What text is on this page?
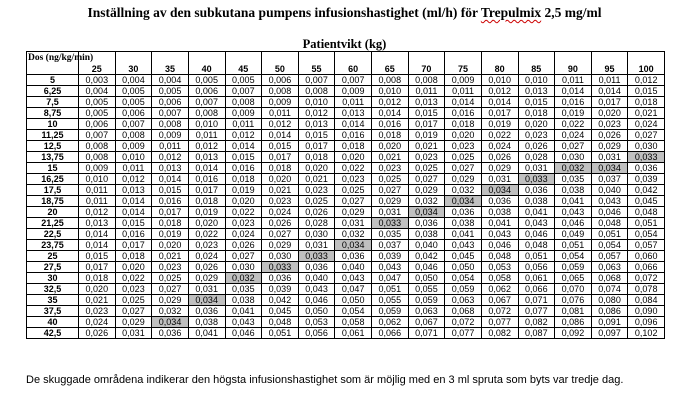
Inställning av den subkutana pumpens infusionshastighet (ml/h) för Trepulmix 2,5 mg/ml
Patientvikt (kg)
Dos (ng/kg/min)	25	30	35	40	45	50	55	60	65	70	75	80	85	90	95	100
5	0,003	0,004	0,004	0,005	0,005	0,006	0,007	0,007	0,008	0,008	0,009	0,010	0,010	0,011	0,011	0,012
6,25	0,004	0,005	0,005	0,006	0,007	0,008	0,008	0,009	0,010	0,011	0,011	0,012	0,013	0,014	0,014	0,015
7,5	0,005	0,005	0,006	0,007	0,008	0,009	0,010	0,011	0,012	0,013	0,014	0,014	0,015	0,016	0,017	0,018
8,75	0,005	0,006	0,007	0,008	0,009	0,011	0,012	0,013	0,014	0,015	0,016	0,017	0,018	0,019	0,020	0,021
10	0,006	0,007	0,008	0,010	0,011	0,012	0,013	0,014	0,016	0,017	0,018	0,019	0,020	0,022	0,023	0,024
11,25	0,007	0,008	0,009	0,011	0,012	0,014	0,015	0,016	0,018	0,019	0,020	0,022	0,023	0,024	0,026	0,027
12,5	0,008	0,009	0,011	0,012	0,014	0,015	0,017	0,018	0,020	0,021	0,023	0,024	0,026	0,027	0,029	0,030
13,75	0,008	0,010	0,012	0,013	0,015	0,017	0,018	0,020	0,021	0,023	0,025	0,026	0,028	0,030	0,031	0,033
15	0,009	0,011	0,013	0,014	0,016	0,018	0,020	0,022	0,023	0,025	0,027	0,029	0,031	0,032	0,034	0,036
16,25	0,010	0,012	0,014	0,016	0,018	0,020	0,021	0,023	0,025	0,027	0,029	0,031	0,033	0,035	0,037	0,039
17,5	0,011	0,013	0,015	0,017	0,019	0,021	0,023	0,025	0,027	0,029	0,032	0,034	0,036	0,038	0,040	0,042
18,75	0,011	0,014	0,016	0,018	0,020	0,023	0,025	0,027	0,029	0,032	0,034	0,036	0,038	0,041	0,043	0,045
20	0,012	0,014	0,017	0,019	0,022	0,024	0,026	0,029	0,031	0,034	0,036	0,038	0,041	0,043	0,046	0,048
21,25	0,013	0,015	0,018	0,020	0,023	0,026	0,028	0,031	0,033	0,036	0,038	0,041	0,043	0,046	0,048	0,051
22,5	0,014	0,016	0,019	0,022	0,024	0,027	0,030	0,032	0,035	0,038	0,041	0,043	0,046	0,049	0,051	0,054
23,75	0,014	0,017	0,020	0,023	0,026	0,029	0,031	0,034	0,037	0,040	0,043	0,046	0,048	0,051	0,054	0,057
25	0,015	0,018	0,021	0,024	0,027	0,030	0,033	0,036	0,039	0,042	0,045	0,048	0,051	0,054	0,057	0,060
27,5	0,017	0,020	0,023	0,026	0,030	0,033	0,036	0,040	0,043	0,046	0,050	0,053	0,056	0,059	0,063	0,066
30	0,018	0,022	0,025	0,029	0,032	0,036	0,040	0,043	0,047	0,050	0,054	0,058	0,061	0,065	0,068	0,072
32,5	0,020	0,023	0,027	0,031	0,035	0,039	0,043	0,047	0,051	0,055	0,059	0,062	0,066	0,070	0,074	0,078
35	0,021	0,025	0,029	0,034	0,038	0,042	0,046	0,050	0,055	0,059	0,063	0,067	0,071	0,076	0,080	0,084
37,5	0,023	0,027	0,032	0,036	0,041	0,045	0,050	0,054	0,059	0,063	0,068	0,072	0,077	0,081	0,086	0,090
40	0,024	0,029	0,034	0,038	0,043	0,048	0,053	0,058	0,062	0,067	0,072	0,077	0,082	0,086	0,091	0,096
42,5	0,026	0,031	0,036	0,041	0,046	0,051	0,056	0,061	0,066	0,071	0,077	0,082	0,087	0,092	0,097	0,102
De skuggade områdena indikerar den högsta infusionshastighet som är möjlig med en 3 ml spruta som byts var tredje dag.
